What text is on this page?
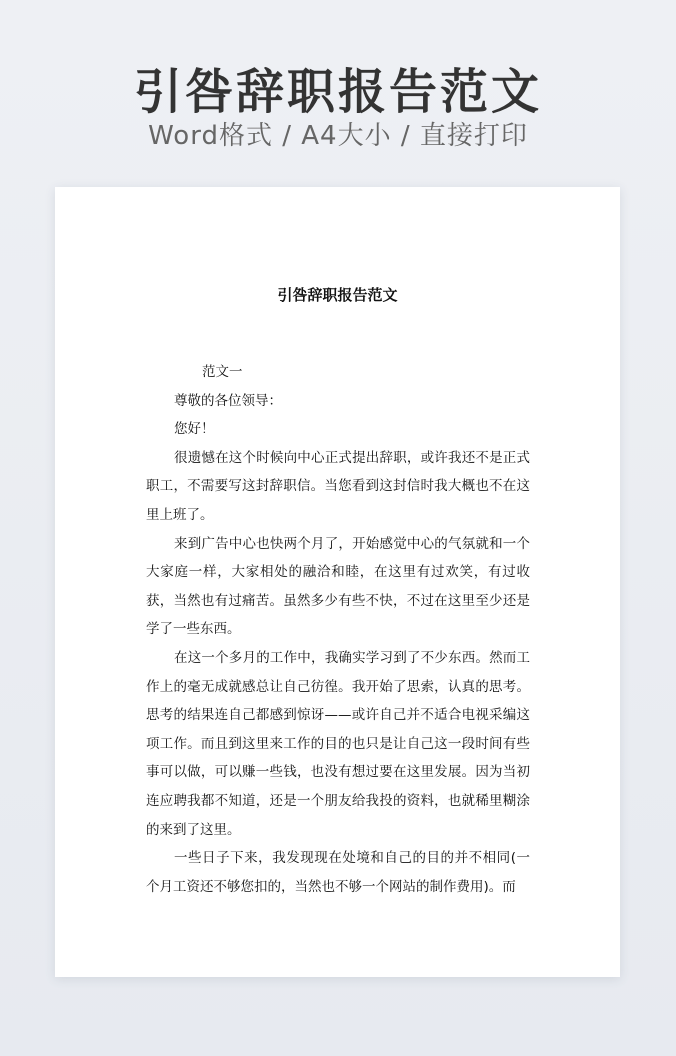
引咎辞职报告范文
Word格式 / A4大小 / 直接打印
引咎辞职报告范文

范文一

尊敬的各位领导：

您好！

很遗憾在这个时候向中心正式提出辞职，或许我还不是正式职工，不需要写这封辞职信。当您看到这封信时我大概也不在这里上班了。

来到广告中心也快两个月了，开始感觉中心的气氛就和一个大家庭一样，大家相处的融洽和睦，在这里有过欢笑，有过收获，当然也有过痛苦。虽然多少有些不快，不过在这里至少还是学了一些东西。

在这一个多月的工作中，我确实学习到了不少东西。然而工作上的毫无成就感总让自己彷徨。我开始了思索，认真的思考。思考的结果连自己都感到惊讶——或许自己并不适合电视采编这项工作。而且到这里来工作的目的也只是让自己这一段时间有些事可以做，可以赚一些钱，也没有想过要在这里发展。因为当初连应聘我都不知道，还是一个朋友给我投的资料，也就稀里糊涂的来到了这里。

一些日子下来，我发现现在处境和自己的目的并不相同(一个月工资还不够您扣的，当然也不够一个网站的制作费用)。而
